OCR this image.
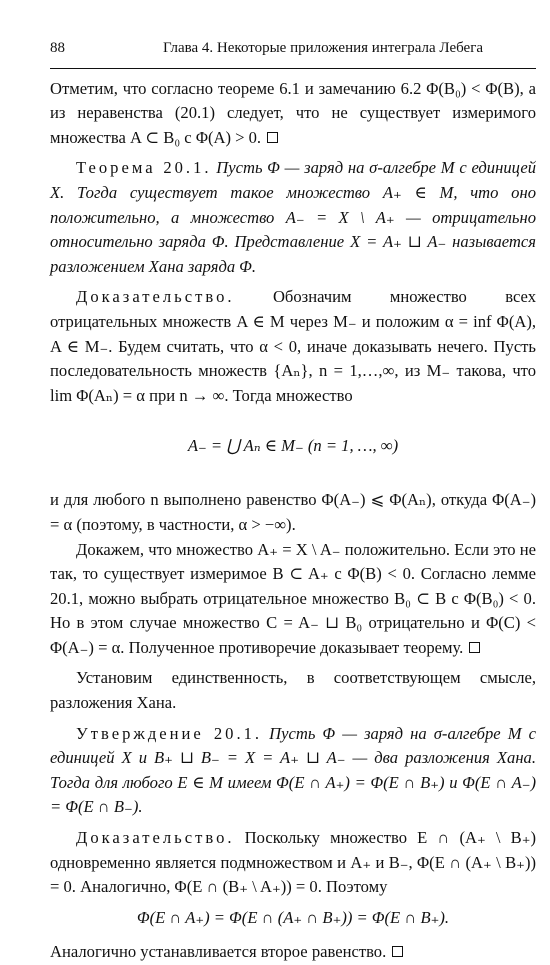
88	Глава 4. Некоторые приложения интеграла Лебега

Отметим, что согласно теореме 6.1 и замечанию 6.2 Φ(B₀) < Φ(B), а из неравенства (20.1) следует, что не существует измеримого множества A ⊂ B₀ с Φ(A) > 0.

Теорема 20.1. Пусть Φ — заряд на σ-алгебре M с единицей X. Тогда существует такое множество A₊ ∈ M, что оно положительно, а множество A₋ = X \ A₊ — отрицательно относительно заряда Φ. Представление X = A₊ ⊔ A₋ называется разложением Хана заряда Φ.

Доказательство. Обозначим множество всех отрицательных множеств A ∈ M через M₋ и положим α = inf Φ(A), A ∈ M₋. Будем считать, что α < 0, иначе доказывать нечего. Пусть последовательность множеств {Aₙ}, n = 1,…,∞, из M₋ такова, что lim Φ(Aₙ) = α при n → ∞. Тогда множество

A₋ = ⋃ Aₙ ∈ M₋ (n = 1, …, ∞)

и для любого n выполнено равенство Φ(A₋) ⩽ Φ(Aₙ), откуда Φ(A₋) = α (поэтому, в частности, α > −∞).

Докажем, что множество A₊ = X \ A₋ положительно. Если это не так, то существует измеримое B ⊂ A₊ с Φ(B) < 0. Согласно лемме 20.1, можно выбрать отрицательное множество B₀ ⊂ B с Φ(B₀) < 0. Но в этом случае множество C = A₋ ⊔ B₀ отрицательно и Φ(C) < Φ(A₋) = α. Полученное противоречие доказывает теорему.

Установим единственность, в соответствующем смысле, разложения Хана.

Утверждение 20.1. Пусть Φ — заряд на σ-алгебре M с единицей X и B₊ ⊔ B₋ = X = A₊ ⊔ A₋ — два разложения Хана. Тогда для любого E ∈ M имеем Φ(E ∩ A₊) = Φ(E ∩ B₊) и Φ(E ∩ A₋) = Φ(E ∩ B₋).

Доказательство. Поскольку множество E ∩ (A₊ \ B₊) одновременно является подмножеством и A₊ и B₋, Φ(E ∩ (A₊ \ B₊)) = 0. Аналогично, Φ(E ∩ (B₊ \ A₊)) = 0. Поэтому

Φ(E ∩ A₊) = Φ(E ∩ (A₊ ∩ B₊)) = Φ(E ∩ B₊).

Аналогично устанавливается второе равенство.
